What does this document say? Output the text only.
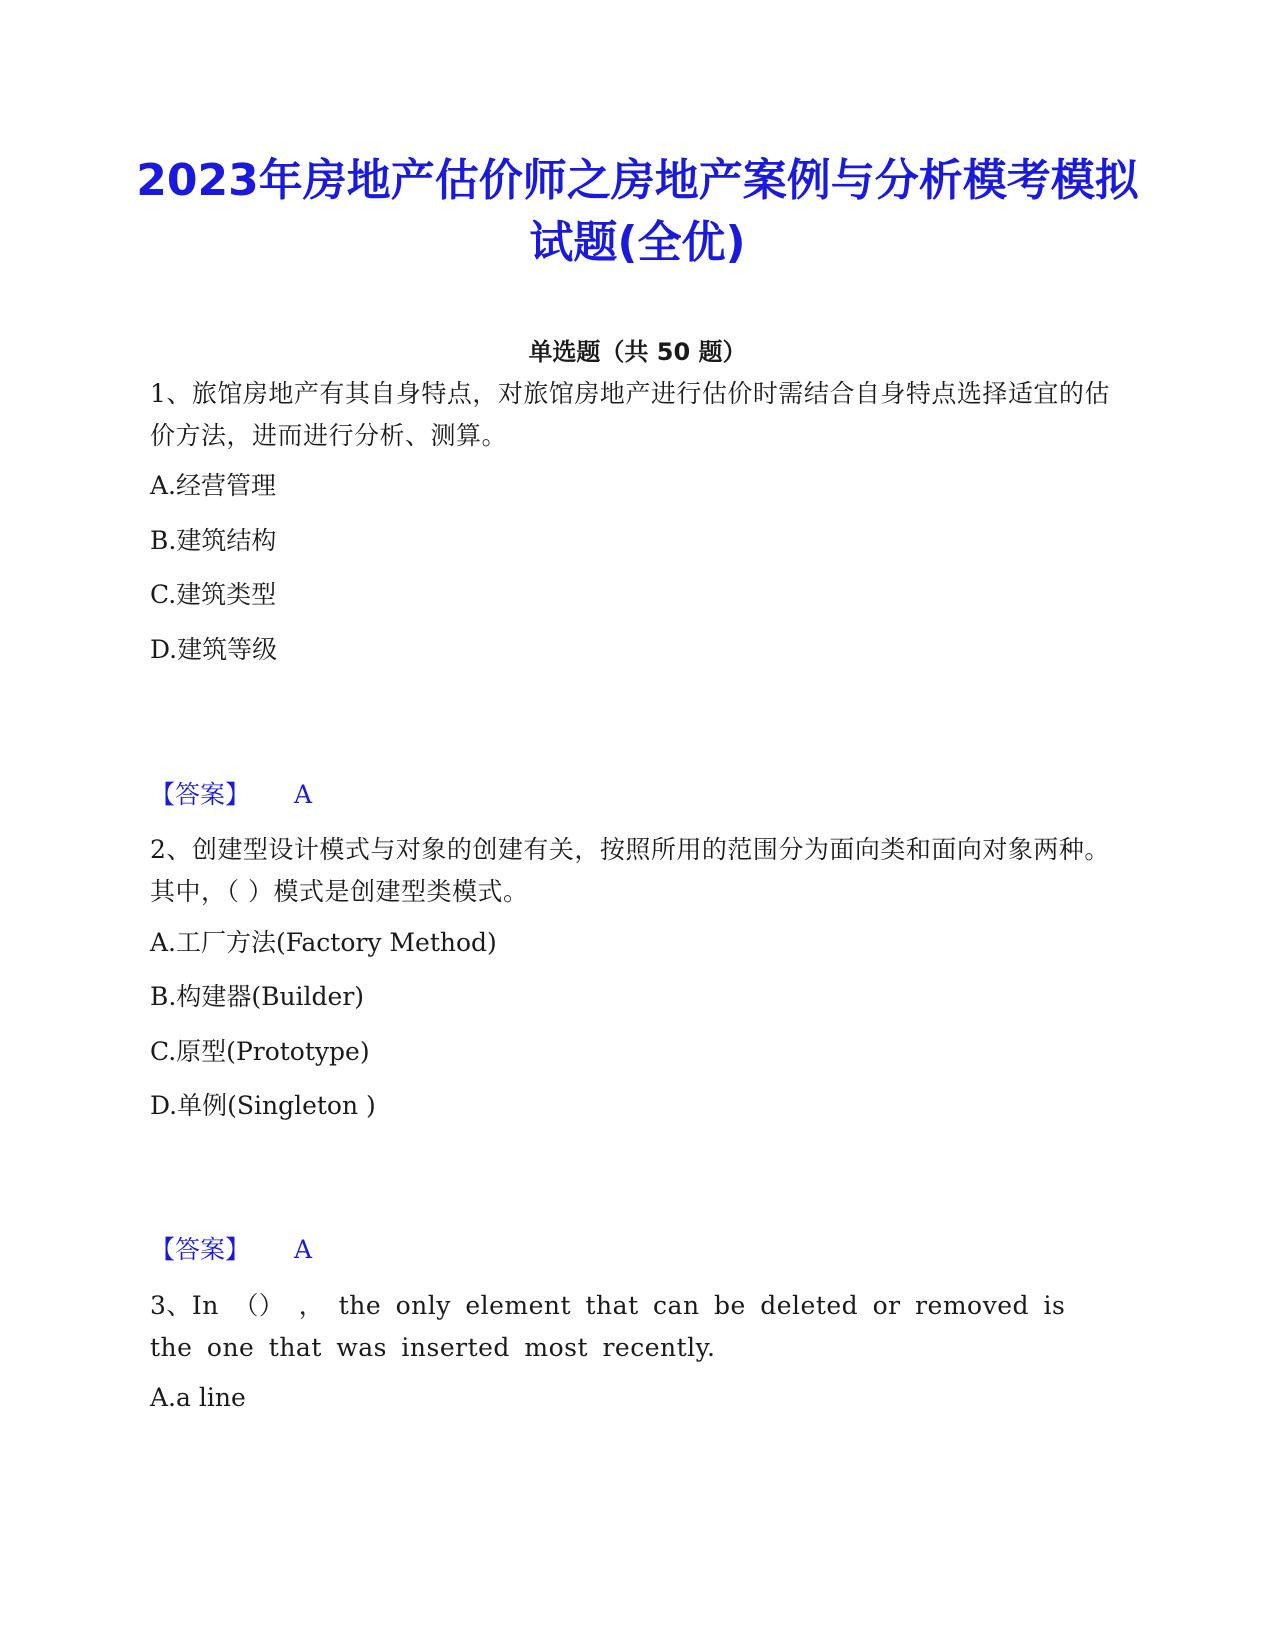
2023年房地产估价师之房地产案例与分析模考模拟试题(全优)
单选题（共 50 题）
1、旅馆房地产有其自身特点，对旅馆房地产进行估价时需结合自身特点选择适宜的估价方法，进而进行分析、测算。
A.经营管理
B.建筑结构
C.建筑类型
D.建筑等级
【答案】 A
2、创建型设计模式与对象的创建有关，按照所用的范围分为面向类和面向对象两种。其中，（ ）模式是创建型类模式。
A.工厂方法(Factory Method)
B.构建器(Builder)
C.原型(Prototype)
D.单例(Singleton )
【答案】 A
3、In （） ， the only element that can be deleted or removed is the one that was inserted most recently.
A.a line
